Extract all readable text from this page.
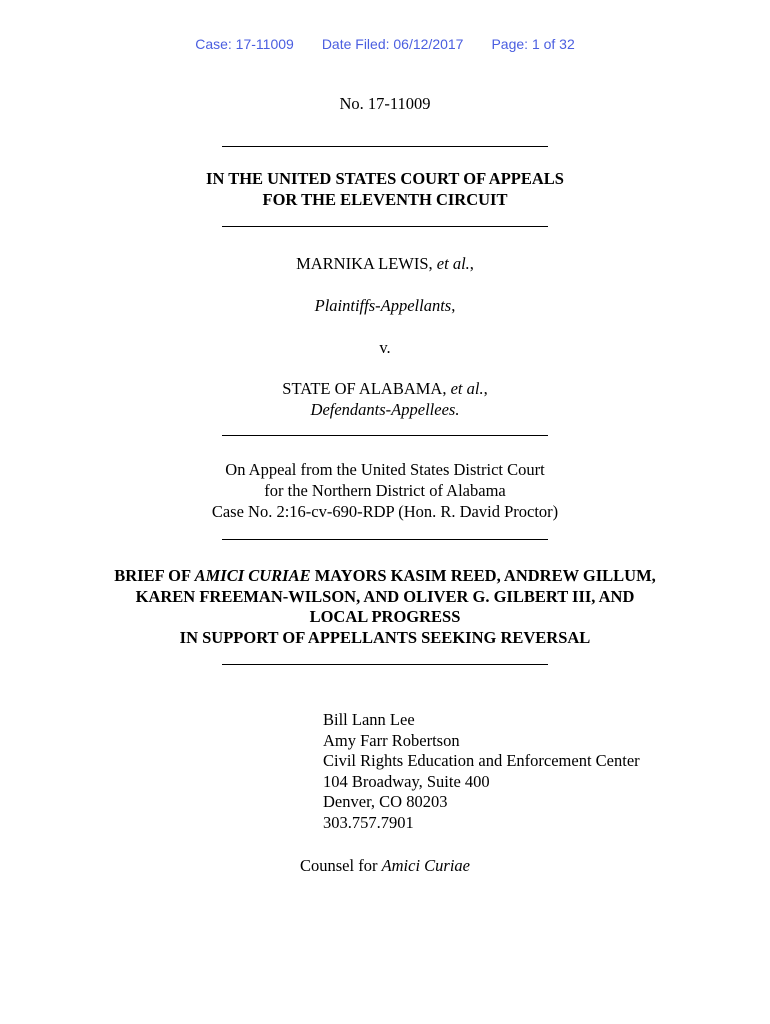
Case: 17-11009 Date Filed: 06/12/2017 Page: 1 of 32
No. 17-11009
IN THE UNITED STATES COURT OF APPEALS
FOR THE ELEVENTH CIRCUIT
MARNIKA LEWIS, et al.,
Plaintiffs-Appellants,
v.
STATE OF ALABAMA, et al.,
Defendants-Appellees.
On Appeal from the United States District Court
for the Northern District of Alabama
Case No. 2:16-cv-690-RDP (Hon. R. David Proctor)
BRIEF OF AMICI CURIAE MAYORS KASIM REED, ANDREW GILLUM,
KAREN FREEMAN-WILSON, AND OLIVER G. GILBERT III, AND
LOCAL PROGRESS
IN SUPPORT OF APPELLANTS SEEKING REVERSAL
Bill Lann Lee
Amy Farr Robertson
Civil Rights Education and Enforcement Center
104 Broadway, Suite 400
Denver, CO 80203
303.757.7901
Counsel for Amici Curiae
